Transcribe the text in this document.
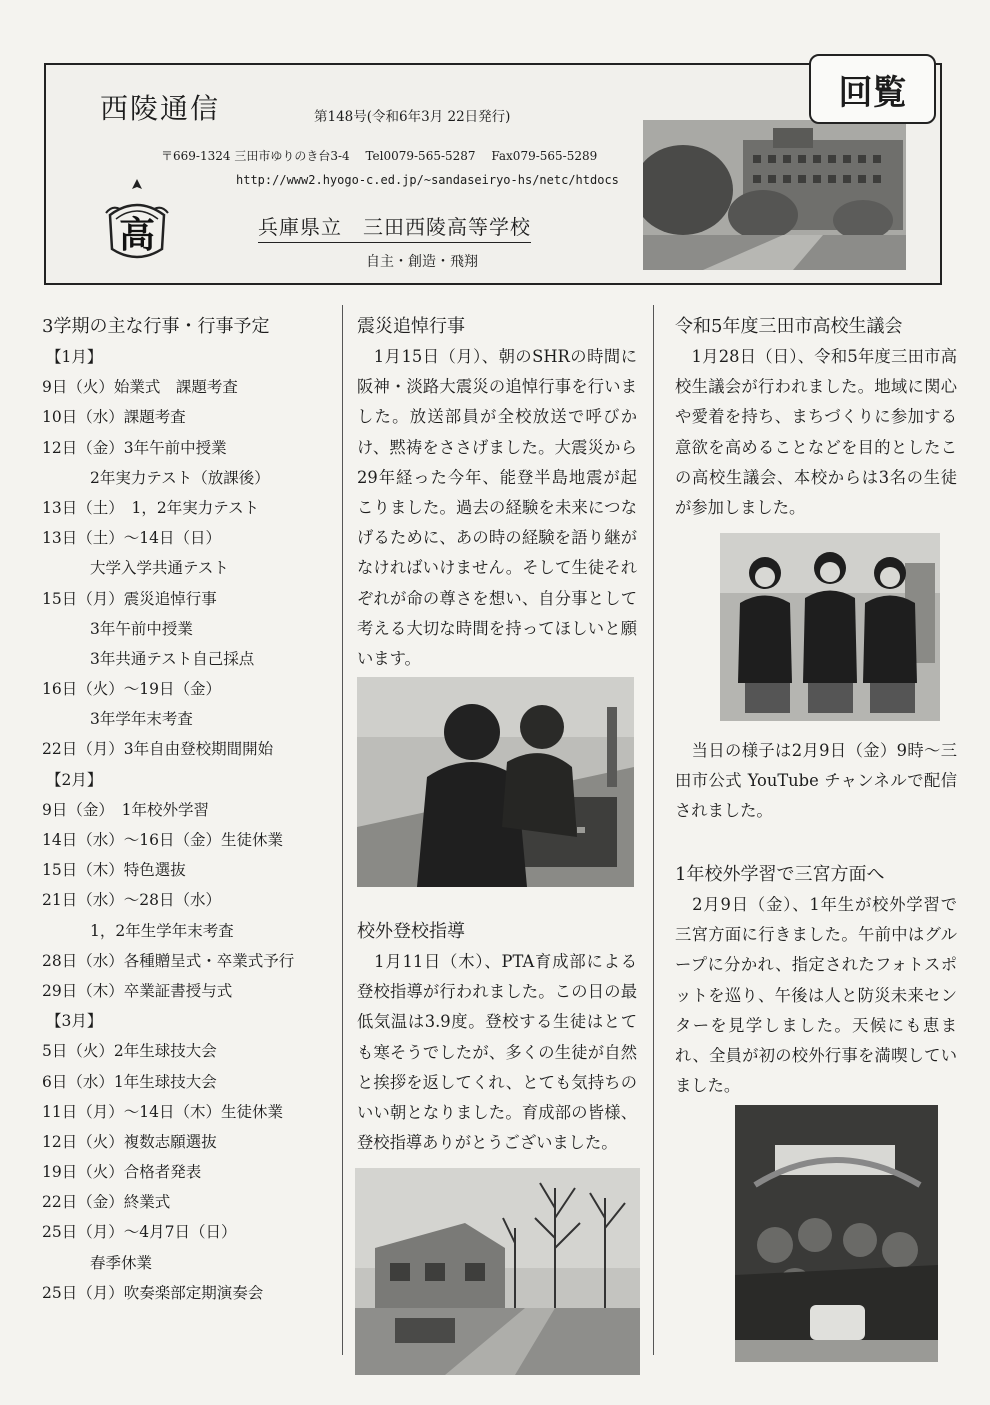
西陵通信	第148号(令和6年3月 22日発行)
〒669-1324 三田市ゆりのき台3-4　 Tel0079-565-5287　 Fax079-565-5289
http://www2.hyogo-c.ed.jp/~sandaseiryo-hs/netc/htdocs
高	兵庫県立　三田西陵高等学校
自主・創造・飛翔
回覧
3学期の主な行事・行事予定
【1月】
9日（火）始業式　課題考査
10日（水）課題考査
12日（金）3年午前中授業
2年実力テスト（放課後）
13日（土）　1，2年実力テスト
13日（土）～14日（日）
大学入学共通テスト
15日（月）震災追悼行事
3年午前中授業
3年共通テスト自己採点
16日（火）～19日（金）
3年学年末考査
22日（月）3年自由登校期間開始
【2月】
9日（金）　1年校外学習
14日（水）～16日（金）生徒休業
15日（木）特色選抜
21日（水）～28日（水）
1，2年生学年末考査
28日（水）各種贈呈式・卒業式予行
29日（木）卒業証書授与式
【3月】
5日（火）2年生球技大会
6日（水）1年生球技大会
11日（月）～14日（木）生徒休業
12日（火）複数志願選抜
19日（火）合格者発表
22日（金）終業式
25日（月）～4月7日（日）
春季休業
25日（月）吹奏楽部定期演奏会
震災追悼行事

　1月15日（月）、朝のSHRの時間に阪神・淡路大震災の追悼行事を行いました。放送部員が全校放送で呼びかけ、黙祷をささげました。大震災から29年経った今年、能登半島地震が起こりました。過去の経験を未来につなげるために、あの時の経験を語り継がなければいけません。そして生徒それぞれが命の尊さを想い、自分事として考える大切な時間を持ってほしいと願います。

校外登校指導

　1月11日（木）、PTA育成部による登校指導が行われました。この日の最低気温は3.9度。登校する生徒はとても寒そうでしたが、多くの生徒が自然と挨拶を返してくれ、とても気持ちのいい朝となりました。育成部の皆様、登校指導ありがとうございました。

令和5年度三田市高校生議会

　1月28日（日）、令和5年度三田市高校生議会が行われました。地域に関心や愛着を持ち、まちづくりに参加する意欲を高めることなどを目的としたこの高校生議会、本校からは3名の生徒が参加しました。

　当日の様子は2月9日（金）9時～三田市公式 YouTube チャンネルで配信されました。

1年校外学習で三宮方面へ

　2月9日（金）、1年生が校外学習で三宮方面に行きました。午前中はグループに分かれ、指定されたフォトスポットを巡り、午後は人と防災未来センターを見学しました。天候にも恵まれ、全員が初の校外行事を満喫していました。
